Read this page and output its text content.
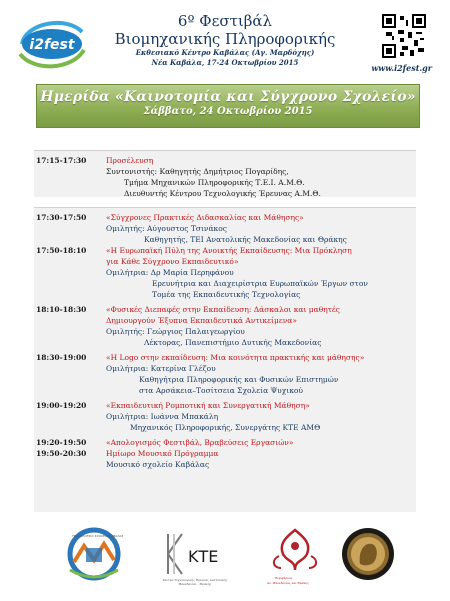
i2fest
6º Φεστιβάλ
Βιομηχανικής Πληροφορικής
Εκθεσιακό Κέντρο Καβάλας (Αγ. Μαρδόχης)
Νέα Καβάλα, 17-24 Οκτωβρίου 2015
www.i2fest.gr
Ημερίδα «Καινοτομία και Σύγχρονο Σχολείο»
Σάββατο, 24 Οκτωβρίου 2015
17:15-17:30	Προσέλευση
Συντονιστής: Καθηγητής Δημήτριος Πογαρίδης,
Τμήμα Μηχανικών Πληροφορικής Τ.Ε.Ι. Α.Μ.Θ.
Διευθυντής Κέντρου Τεχνολογικής Έρευνας Α.Μ.Θ.
17:30-17:50	«Σύγχρονες Πρακτικές Διδασκαλίας και Μάθησης»
Ομιλητής: Αύγουστος Τσινάκος
Καθηγητής, ΤΕΙ Ανατολικής Μακεδονίας και Θράκης
17:50-18:10	«Η Ευρωπαϊκή Πύλη της Ανοικτής Εκπαίδευσης: Μια Πρόκληση
για Κάθε Σύγχρονο Εκπαιδευτικό»
Ομιλήτρια: Δρ Μαρία Περηφάνου
Ερευνήτρια και Διαχειρίστρια Ευρωπαϊκών Έργων στον
Τομέα της Εκπαιδευτικής Τεχνολογίας
18:10-18:30	«Φυσικές Διεπαφές στην Εκπαίδευση: Δάσκαλοι και μαθητές
Δημιουργούν Έξυπνα Εκπαιδευτικά Αντικείμενα»
Ομιλητής: Γεώργιος Παλαιγεωργίου
Λέκτορας, Πανεπιστήμιο Δυτικής Μακεδονίας
18:30-19:00	«Η Logo στην εκπαίδευση: Μια κοινότητα πρακτικής και μάθησης»
Ομιλήτρια: Κατερίνα Γλέζου
Καθηγήτρια Πληροφορικής και Φυσικών Επιστημών
στα Αρσάκεια–Τοσίτσεια Σχολεία Ψυχικού
19:00-19:20	«Εκπαιδευτική Ρομποτική και Συνεργατική Μάθηση»
Ομιλήτρια: Ιωάννα Μπακάλη
Μηχανικός Πληροφορικής, Συνεργάτης ΚΤΕ ΑΜΘ
19:20-19:50	«Απολογισμός Φεστιβάλ, Βραβεύσεις Εργασιών»
19:50-20:30	Ημίωρο Μουσικό Πρόγραμμα
Μουσικό σχολείο Καβάλας
ΤΕΧΝΟΛΟΓΙΚΟ ΣΧΟΛΕΙΟ ΚΑΒΑΛΑΣ
ΚΤΕ
Κέντρο Τεχνολογικής Έρευνας Ανατολικής Μακεδονίας - Θράκης
Περιφέρεια
Αν. Μακεδονίας και Θράκης
